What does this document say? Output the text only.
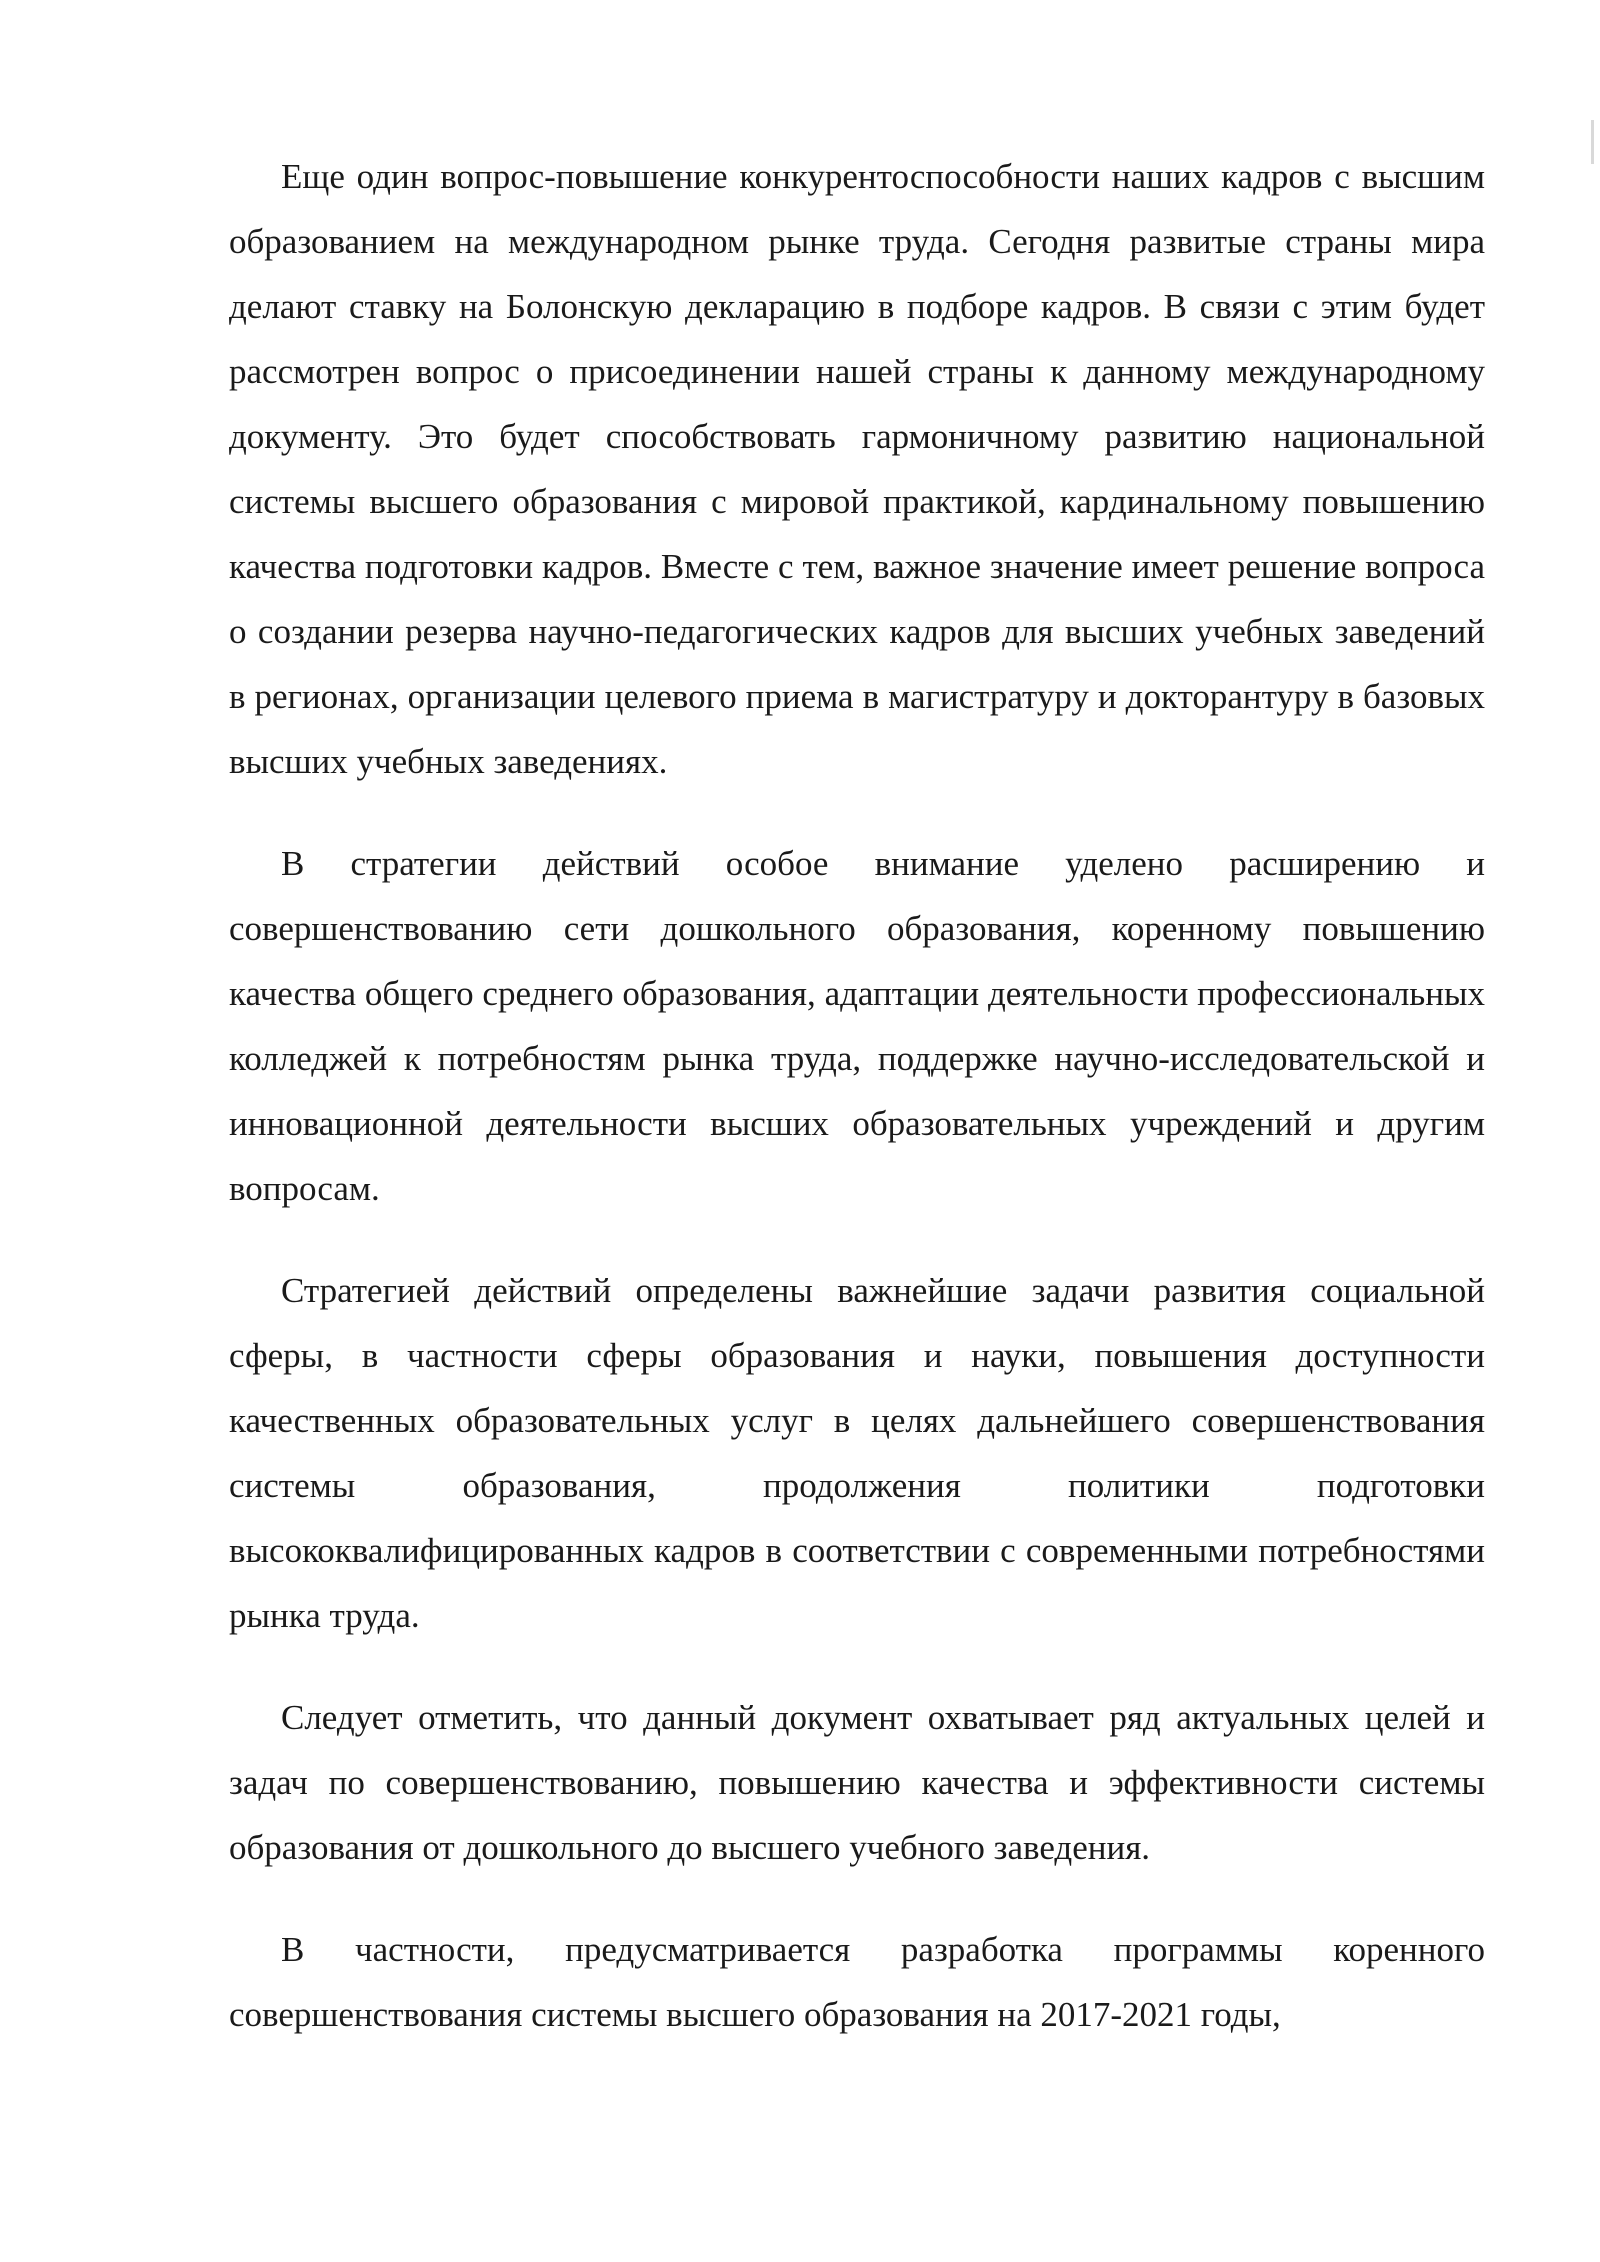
Еще один вопрос-повышение конкурентоспособности наших кадров с высшим образованием на международном рынке труда. Сегодня развитые страны мира делают ставку на Болонскую декларацию в подборе кадров. В связи с этим будет рассмотрен вопрос о присоединении нашей страны к данному международному документу. Это будет способствовать гармоничному развитию национальной системы высшего образования с мировой практикой, кардинальному повышению качества подготовки кадров. Вместе с тем, важное значение имеет решение вопроса о создании резерва научно-педагогических кадров для высших учебных заведений в регионах, организации целевого приема в магистратуру и докторантуру в базовых высших учебных заведениях.

В стратегии действий особое внимание уделено расширению и совершенствованию сети дошкольного образования, коренному повышению качества общего среднего образования, адаптации деятельности профессиональных колледжей к потребностям рынка труда, поддержке научно-исследовательской и инновационной деятельности высших образовательных учреждений и другим вопросам.

Стратегией действий определены важнейшие задачи развития социальной сферы, в частности сферы образования и науки, повышения доступности качественных образовательных услуг в целях дальнейшего совершенствования системы образования, продолжения политики подготовки высококвалифицированных кадров в соответствии с современными потребностями рынка труда.

Следует отметить, что данный документ охватывает ряд актуальных целей и задач по совершенствованию, повышению качества и эффективности системы образования от дошкольного до высшего учебного заведения.

В частности, предусматривается разработка программы коренного совершенствования системы высшего образования на 2017-2021 годы,
